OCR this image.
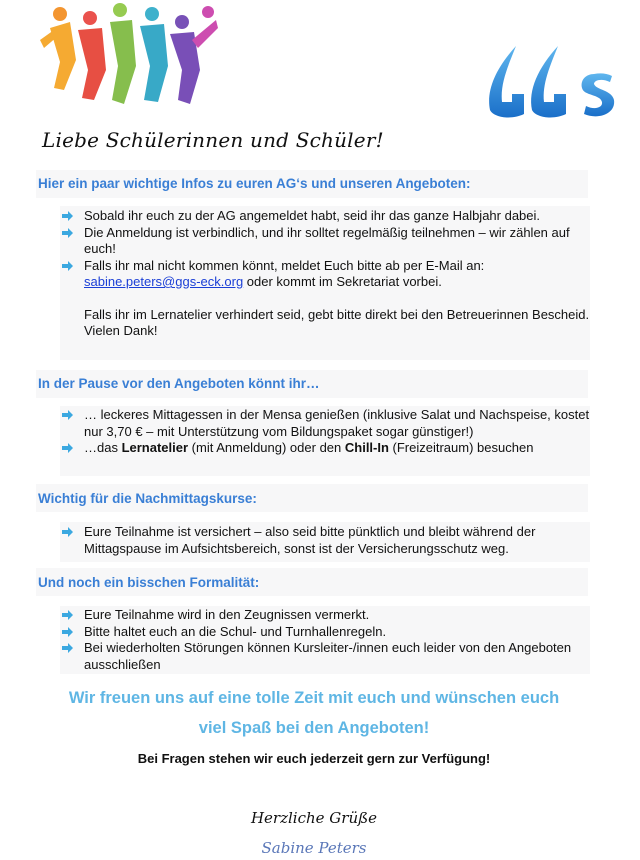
Liebe Schülerinnen und Schüler!
Hier ein paar wichtige Infos zu euren AG‘s und unseren Angeboten:
Sobald ihr euch zu der AG angemeldet habt, seid ihr das ganze Halbjahr dabei.
Die Anmeldung ist verbindlich, und ihr solltet regelmäßig teilnehmen – wir zählen auf euch!
Falls ihr mal nicht kommen könnt, meldet Euch bitte ab per E-Mail an:
sabine.peters@ggs-eck.org oder kommt im Sekretariat vorbei.
Falls ihr im Lernatelier verhindert seid, gebt bitte direkt bei den Betreuerinnen Bescheid. Vielen Dank!
In der Pause vor den Angeboten könnt ihr…
… leckeres Mittagessen in der Mensa genießen (inklusive Salat und Nachspeise, kostet nur 3,70 € – mit Unterstützung vom Bildungspaket sogar günstiger!)
…das Lernatelier (mit Anmeldung) oder den Chill-In (Freizeitraum) besuchen
Wichtig für die Nachmittagskurse:
Eure Teilnahme ist versichert – also seid bitte pünktlich und bleibt während der Mittagspause im Aufsichtsbereich, sonst ist der Versicherungsschutz weg.
Und noch ein bisschen Formalität:
Eure Teilnahme wird in den Zeugnissen vermerkt.
Bitte haltet euch an die Schul- und Turnhallenregeln.
Bei wiederholten Störungen können Kursleiter-/innen euch leider von den Angeboten ausschließen
Wir freuen uns auf eine tolle Zeit mit euch und wünschen euch
viel Spaß bei den Angeboten!
Bei Fragen stehen wir euch jederzeit gern zur Verfügung!
Herzliche Grüße
Sabine Peters
